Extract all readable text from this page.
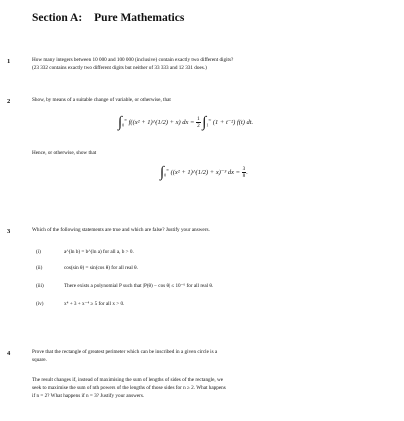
Section A: Pure Mathematics
1	How many integers between 10 000 and 100 000 (inclusive) contain exactly two different digits?

(23 332 contains exactly two different digits but neither of 33 333 and 12 331 does.)

2	Show, by means of a suitable change of variable, or otherwise, that

$\int_0^\infty$ f((x² + 1)^(1/2) + x) dx = $\frac{1}{2} \int_1^\infty$ (1 + t⁻²) f(t) dt.

Hence, or otherwise, show that

$\int_0^\infty$ ((x² + 1)^(1/2) + x)⁻³ dx = $\frac{3}{8}$ .
3	Which of the following statements are true and which are false? Justify your answers.

(i)	a^(ln b) = b^(ln a) for all a, b > 0.
(ii)	cos(sin θ) = sin(cos θ) for all real θ.
(iii)	There exists a polynomial P such that |P(θ) − cos θ| ≤ 10⁻⁶ for all real θ.
(iv)	x⁴ + 3 + x⁻⁴ ≥ 5 for all x > 0.
4	Prove that the rectangle of greatest perimeter which can be inscribed in a given circle is a

square.

The result changes if, instead of maximising the sum of lengths of sides of the rectangle, we

seek to maximise the sum of nth powers of the lengths of those sides for n ≥ 2. What happens

if n = 2? What happens if n = 3? Justify your answers.
